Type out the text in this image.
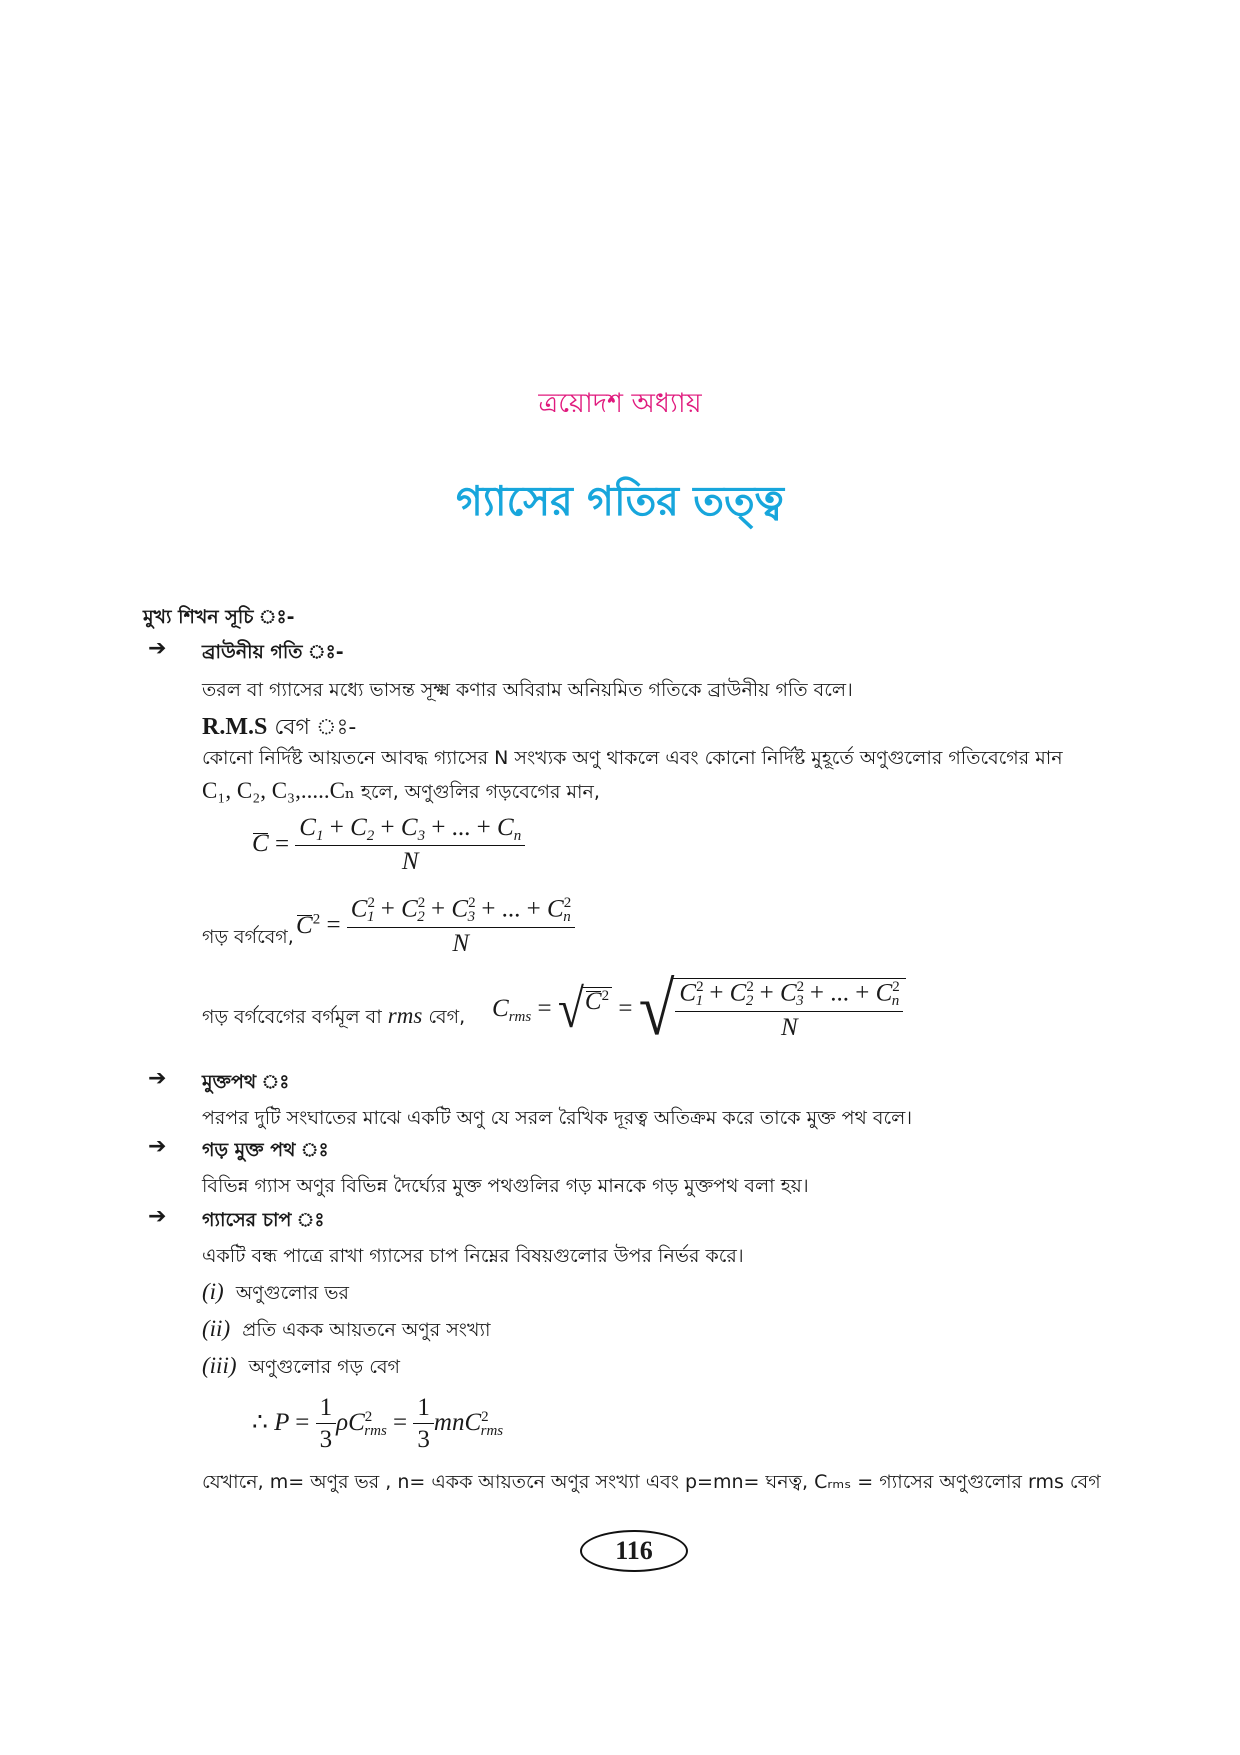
ত্রয়োদশ অধ্যায়
গ্যাসের গতির তত্ত্ব
মুখ্য শিখন সূচি ঃ-
➔ ব্রাউনীয় গতি ঃ-
তরল বা গ্যাসের মধ্যে ভাসন্ত সূক্ষ্ম কণার অবিরাম অনিয়মিত গতিকে ব্রাউনীয় গতি বলে।
R.M.S বেগ ঃ-
কোনো নির্দিষ্ট আয়তনে আবদ্ধ গ্যাসের N সংখ্যক অণু থাকলে এবং কোনো নির্দিষ্ট মুহূর্তে অণুগুলোর গতিবেগের মান
C₁, C₂, C₃,.....Cₙ হলে, অণুগুলির গড়বেগের মান,
$C = \frac{C_1 + C_2 + C_3 + ... + C_n}{N}$
গড় বর্গবেগ, $C^2 = \frac{C^2_1 + C^2_2 + C^2_3 + ... + C^2_n}{N}$
গড় বর্গবেগের বর্গমূল বা rms বেগ, $C_{rms}$ = √ $C^2$ = √ $\frac{C^2_1 + C^2_2 + C^2_3 + ... + C^2_n}{N}$
➔ মুক্তপথ ঃ
পরপর দুটি সংঘাতের মাঝে একটি অণু যে সরল রৈখিক দূরত্ব অতিক্রম করে তাকে মুক্ত পথ বলে।
➔ গড় মুক্ত পথ ঃ
বিভিন্ন গ্যাস অণুর বিভিন্ন দৈর্ঘ্যের মুক্ত পথগুলির গড় মানকে গড় মুক্তপথ বলা হয়।
➔ গ্যাসের চাপ ঃ
একটি বন্ধ পাত্রে রাখা গ্যাসের চাপ নিম্নের বিষয়গুলোর উপর নির্ভর করে।
(i) অণুগুলোর ভর
(ii) প্রতি একক আয়তনে অণুর সংখ্যা
(iii) অণুগুলোর গড় বেগ
∴ $P = \frac{1}{3} \rho C^2_{rms} = \frac{1}{3} mnC^2_{rms}$
যেখানে, m= অণুর ভর , n= একক আয়তনে অণুর সংখ্যা এবং p=mn= ঘনত্ব, Cᵣₘₛ = গ্যাসের অণুগুলোর rms বেগ
116
